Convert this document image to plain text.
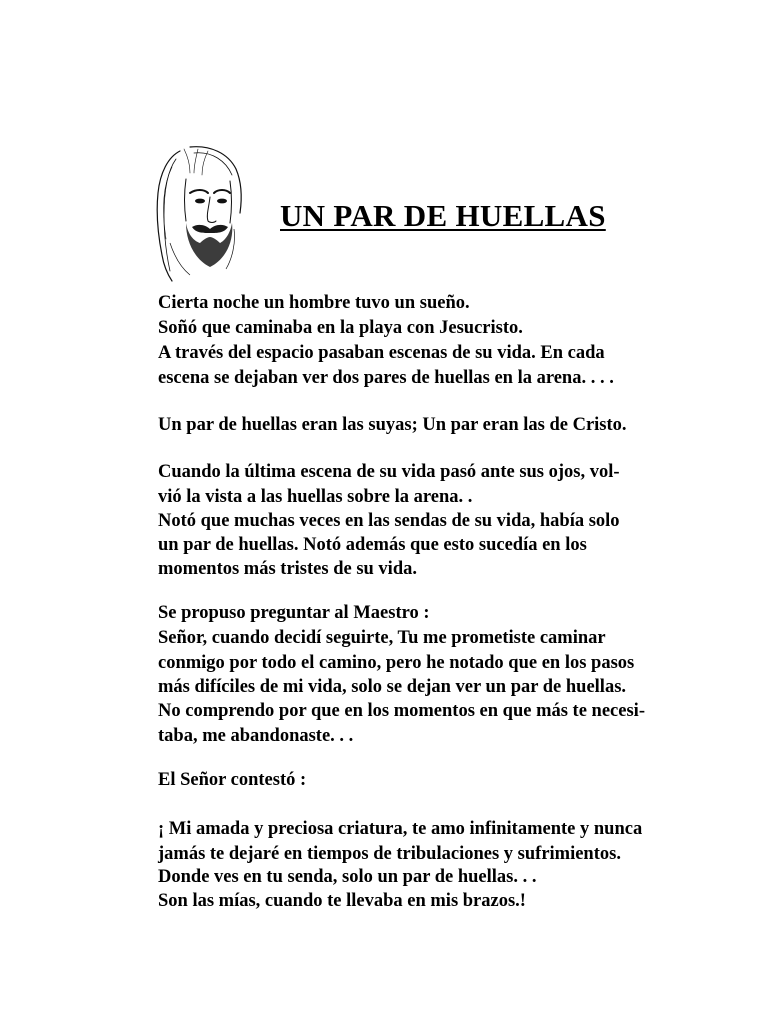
UN PAR DE HUELLAS

Cierta noche un hombre tuvo un sueño.

Soñó que caminaba en la playa con Jesucristo.

A través del espacio pasaban escenas de su vida. En cada

escena se dejaban ver dos pares de huellas en la arena. . . .

Un par de huellas eran las suyas; Un par eran las de Cristo.

Cuando la última escena de su vida pasó ante sus ojos, vol-

vió la vista a las huellas sobre la arena. .

Notó que muchas veces en las sendas de su vida, había solo

un par de huellas. Notó además que esto sucedía en los

momentos más tristes de su vida.

Se propuso preguntar al Maestro :

Señor, cuando decidí seguirte, Tu me prometiste caminar

conmigo por todo el camino, pero he notado que en los pasos

más difíciles de mi vida, solo se dejan ver un par de huellas.

No comprendo por que en los momentos en que más te necesi-

taba, me abandonaste. . .

El Señor contestó :

¡ Mi amada y preciosa criatura, te amo infinitamente y nunca

jamás te dejaré en tiempos de tribulaciones y sufrimientos.

Donde ves en tu senda, solo un par de huellas. . .

Son las mías, cuando te llevaba en mis brazos.!
